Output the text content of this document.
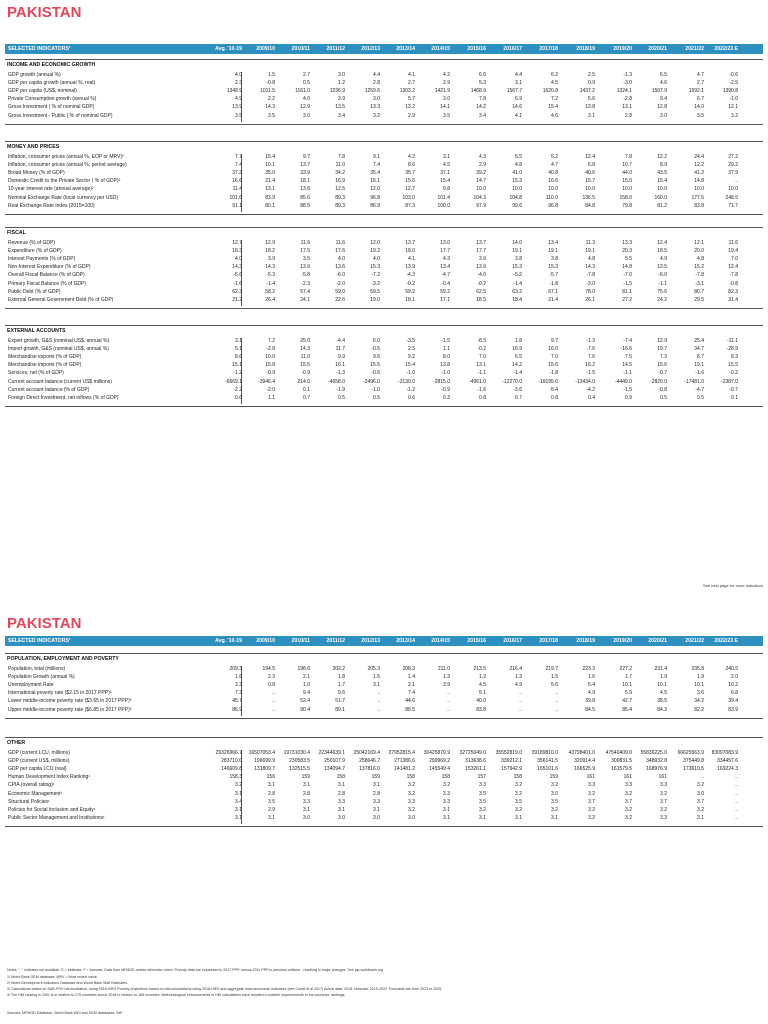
PAKISTAN
SELECTED INDICATORS¹	Avg. '10-19	2009/10	2010/11	2011/12	2012/13	2013/14	2014/15	2015/16	2016/17	2017/18	2018/19	2019/20	2020/21	2021/22	2022/23 E
INCOME AND ECONOMIC GROWTH
GDP growth (annual %)	4.0	1.5	2.7	3.0	4.4	4.1	4.2	6.6	4.4	6.2	2.5	-1.3	6.5	4.7	-0.6
GDP per capita growth (annual %, real)	2.3	-0.8	0.5	1.2	2.8	2.7	2.9	5.3	3.1	4.5	0.9	-3.0	4.6	2.7	-2.5
GDP per capita (US$, nominal)	1348.9	1011.5	1161.0	1236.9	1259.6	1303.2	1421.9	1468.9	1567.7	1620.8	1437.2	1324.1	1507.9	1592.1	1390.8
Private Consumption growth (annual %)	4.9	2.2	4.0	3.9	3.0	5.7	3.0	7.8	6.9	7.2	5.6	-2.8	9.4	6.7	-1.0
Gross Investment ( % of nominal GDP)	13.9	14.3	12.9	13.5	13.3	13.2	14.1	14.2	14.6	15.4	13.8	13.1	12.8	14.0	12.1
Gross Investment - Public ( % of nominal GDP)	3.5	3.5	3.0	3.4	3.2	2.9	3.5	3.4	4.1	4.6	3.1	2.8	3.0	3.5	3.2
MONEY AND PRICES
Inflation, consumer prices (annual %, EOP or MRV)²	7.7	15.4	9.7	7.8	9.1	4.2	3.1	4.3	5.5	5.2	12.4	7.8	12.2	24.4	27.2
Inflation, consumer prices (annual %, period average)	7.4	10.1	13.7	11.0	7.4	8.6	4.5	2.9	4.8	4.7	6.8	10.7	8.9	12.2	29.2
Broad Money (% of GDP)	37.3	35.0	33.9	34.2	35.4	35.7	37.1	39.2	41.0	40.8	40.6	44.0	43.5	41.2	37.9
Domestic Credit to the Private Sector ( % of GDP)²	16.6	21.4	18.1	16.9	16.1	15.6	15.4	14.7	15.3	16.6	15.7	15.0	15.4	14.8	..
10-year interest rate (annual average)²	11.4	13.1	13.6	12.5	12.0	12.7	9.8	10.0	10.0	10.0	10.0	10.0	10.0	10.0	10.0
Nominal Exchange Rate (local currency per USD)	101.6	83.9	85.6	89.3	96.8	103.0	101.4	104.3	104.8	110.0	136.5	158.0	160.0	177.5	248.5
Real Exchange Rate Index (2015=100)	91.1	80.1	88.5	89.3	86.9	87.3	100.0	97.9	99.6	96.8	84.8	79.8	81.2	83.8	71.7
FISCAL
Revenue (% of GDP)	12.7	12.9	11.6	11.6	12.0	13.7	13.0	13.7	14.0	13.4	11.3	13.3	12.4	12.1	11.6
Expenditure (% of GDP)	18.3	18.2	17.5	17.6	19.2	18.0	17.7	17.7	19.1	19.1	19.1	20.3	18.5	20.0	19.4
Interest Payments (% of GDP)	4.0	3.9	3.5	4.0	4.0	4.1	4.3	3.9	3.8	3.8	4.8	5.5	4.9	4.8	7.0
Non-Interest Expenditure (% of GDP)	14.3	14.3	13.9	13.6	15.3	13.9	13.4	13.9	15.3	15.3	14.3	14.8	13.5	15.2	12.4
Overall Fiscal Balance (% of GDP)	-5.6	-5.3	-5.8	-6.0	-7.2	-4.3	-4.7	-4.0	-5.2	-5.7	-7.8	-7.0	-6.0	-7.8	-7.8
Primary Fiscal Balance (% of GDP)	-1.6	-1.4	-2.3	-2.0	-3.2	-0.2	-0.4	-0.2	-1.4	-1.8	-3.0	-1.5	-1.1	-3.1	-0.8
Public Debt (% of GDP)	62.3	58.2	57.4	59.0	59.5	59.2	59.2	62.5	63.2	67.1	78.0	81.1	75.6	80.7	82.3
External General Government Debt (% of GDP)	21.2	26.4	24.1	22.6	19.0	18.1	17.1	18.5	18.4	21.4	26.1	27.2	24.2	29.5	31.4
EXTERNAL ACCOUNTS
Export growth, G&S (nominal US$, annual %)	3.1	7.2	25.0	-4.4	6.0	-3.5	-1.5	-8.5	1.8	9.7	-1.3	-7.4	12.9	25.4	-11.1
Import growth, G&S (nominal US$, annual %)	5.1	-2.8	14.3	11.7	-0.5	2.5	1.1	-0.2	16.9	16.0	-7.6	-16.6	19.7	34.7	-28.9
Merchandise exports (% of GDP)	8.6	10.0	11.0	9.9	9.6	9.2	8.0	7.0	6.5	7.0	7.6	7.5	7.3	8.7	8.3
Merchandise imports (% of GDP)	15.1	15.8	15.5	16.1	15.5	15.4	13.8	13.1	14.2	15.6	16.2	14.5	15.6	19.1	15.5
Services, net (% of GDP)	-1.2	-0.9	-0.9	-1.3	-0.6	-1.0	-1.0	-1.1	-1.4	-1.8	-1.5	-1.1	-0.7	-1.6	-0.2
Current account balance (current US$ millions)	-6669.1	-3946.4	214.0	-4658.0	-2496.0	-3130.0	-2815.0	-4961.0	-12270.0	-19195.0	-13434.0	-4449.0	-2820.0	-17481.0	-2387.0
Current account balance (% of GDP)	-2.2	-2.0	0.1	-1.9	-1.0	-1.2	-0.9	-1.6	-3.6	-5.4	-4.2	-1.5	-0.8	-4.7	-0.7
Foreign Direct Investment, net inflows (% of GDP)	0.6	1.1	0.7	0.5	0.5	0.6	0.3	0.8	0.7	0.8	0.4	0.9	0.5	0.5	0.1
See next page for more indicators
PAKISTAN
SELECTED INDICATORS¹	Avg. '10-19	2009/10	2010/11	2011/12	2012/13	2013/14	2014/15	2015/16	2016/17	2017/18	2018/19	2019/20	2020/21	2021/22	2022/23 E
POPULATION, EMPLOYMENT AND POVERTY
Population, total (millions)	209.3	194.5	198.6	202.2	205.3	208.3	211.0	213.5	216.4	219.7	223.3	227.2	231.4	235.8	240.5
Population Growth (annual %)	1.6	2.3	2.1	1.8	1.5	1.4	1.3	1.2	1.3	1.5	1.6	1.7	1.9	1.9	2.0
Unemployment Rate	3.3	0.8	1.0	1.7	3.1	2.1	3.9	4.5	4.9	5.6	5.4	10.1	10.1	10.1	10.2
International poverty rate ($2.15 in 2017 PPP)³	7.3	..	9.4	9.6	..	7.4	..	5.1	..	..	4.9	5.9	4.5	3.6	6.8
Lower middle-income poverty rate ($3.65 in 2017 PPP)³	45.7	..	52.4	51.7	..	44.6	..	40.0	..	..	39.8	42.7	38.5	34.2	39.4
Upper middle-income poverty rate ($6.85 in 2017 PPP)³	86.9	..	90.4	89.1	..	86.5	..	83.8	..	..	84.5	85.4	84.3	82.2	83.9
OTHER
GDP (current LCU, millions)	29326966.7	16507053.4	19731030.4	22344639.1	25042169.4	27952815.4	30425879.9	32725049.0	35552819.0	39189810.0	43798401.0	47540409.0	55836225.0	66625563.9	83097083.9
GDP (current US$, millions)	283710.0	196699.9	230583.5	250107.9	258646.7	271386.6	299969.2	313638.6	339212.1	356141.5	320914.4	300831.5	348932.8	375449.8	334457.6
GDP per capita LCU (real)	146609.8	131809.7	132515.5	134094.7	137816.0	141481.2	145549.4	153261.1	157942.9	165101.6	166525.9	161579.5	168976.9	173610.5	169224.3
Human Development Index Ranking⁴	158.3	156	159	158	159	158	158	157	158	159	161	161	161	..	..
CPIA (overall rating)¹	3.2	3.1	3.1	3.1	3.1	3.2	3.2	3.3	3.2	3.2	3.3	3.3	3.3	3.2	..
Economic Management¹	3.1	2.8	2.8	2.8	2.8	3.2	3.3	3.5	3.2	3.0	3.2	3.2	3.2	3.0	..
Structural Policies¹	3.4	3.5	3.3	3.3	3.3	3.3	3.3	3.5	3.5	3.5	3.7	3.7	3.7	3.7	..
Policies for Social Inclusion and Equity¹	3.1	2.9	3.1	3.1	3.1	3.2	3.1	3.2	3.2	3.2	3.2	3.2	3.2	3.2	..
Public Sector Management and Institutions¹	3.1	3.1	3.0	3.0	3.0	3.0	3.1	3.1	3.1	3.1	3.2	3.2	3.3	3.1	..
Notes: ".." indicates not available. E = estimate, F = forecast. Data from MFMOD unless otherwise noted. Poverty data are expressed in 2017 PPP, versus 2011 PPP in previous editions - resulting in major changes. See pip.worldbank.org
1/ World Bank GEM database; MRV = Most recent value.
2/ World Development Indicators Database and World Bank Staff Estimates.
3/ Calculations based on SAR-POV harmonization, using 2018-HIES Poverty projections based on microsimulations using 2018-HIES and aggregate macroeconomic indicators (see Corral et al 2017) Actual data: 2018. Nowcast: 2019-2022. Forecasts are from 2023 to 2025.
4/ The HDI ranking in 2001 is in relation to 175 countries and in 2018 in relation to 168 countries. Methodological enhancements in HDI calculations have resulted in notable improvements in the countries' rankings.
Sources: MFMOD Database, World Bank WDI and GEM databases, IMF.
